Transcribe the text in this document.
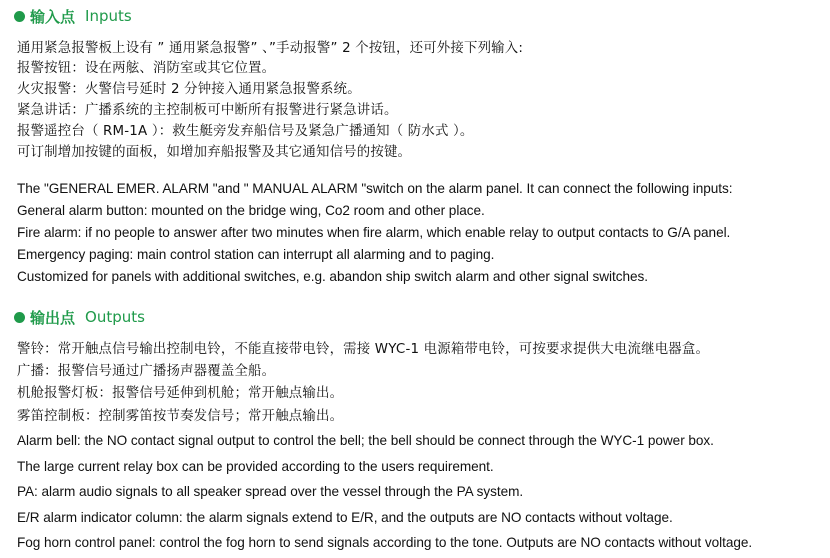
输入点 Inputs
通用紧急报警板上设有 ” 通用紧急报警” 、”手动报警” 2 个按钮，还可外接下列输入:
报警按钮：设在两舷、消防室或其它位置。
火灾报警：火警信号延时 2 分钟接入通用紧急报警系统。
紧急讲话：广播系统的主控制板可中断所有报警进行紧急讲话。
报警遥控台（ RM-1A ）：救生艇旁发弃船信号及紧急广播通知（ 防水式 ）。
可订制增加按键的面板，如增加弃船报警及其它通知信号的按键。
The "GENERAL EMER. ALARM "and " MANUAL ALARM "switch on the alarm panel. It can connect the following inputs:
General alarm button: mounted on the bridge wing, Co2 room and other place.
Fire alarm: if no people to answer after two minutes when fire alarm, which enable relay to output contacts to G/A panel.
Emergency paging: main control station can interrupt all alarming and to paging.
Customized for panels with additional switches, e.g. abandon ship switch alarm and other signal switches.
输出点 Outputs
警铃：常开触点信号输出控制电铃，不能直接带电铃，需接 WYC-1 电源箱带电铃，可按要求提供大电流继电器盒。
广播：报警信号通过广播扬声器覆盖全船。
机舱报警灯板：报警信号延伸到机舱；常开触点输出。
雾笛控制板：控制雾笛按节奏发信号；常开触点输出。
Alarm bell: the NO contact signal output to control the bell; the bell should be connect through the WYC-1 power box.
The large current relay box can be provided according to the users requirement.
PA: alarm audio signals to all speaker spread over the vessel through the PA system.
E/R alarm indicator column: the alarm signals extend to E/R, and the outputs are NO contacts without voltage.
Fog horn control panel: control the fog horn to send signals according to the tone. Outputs are NO contacts without voltage.
